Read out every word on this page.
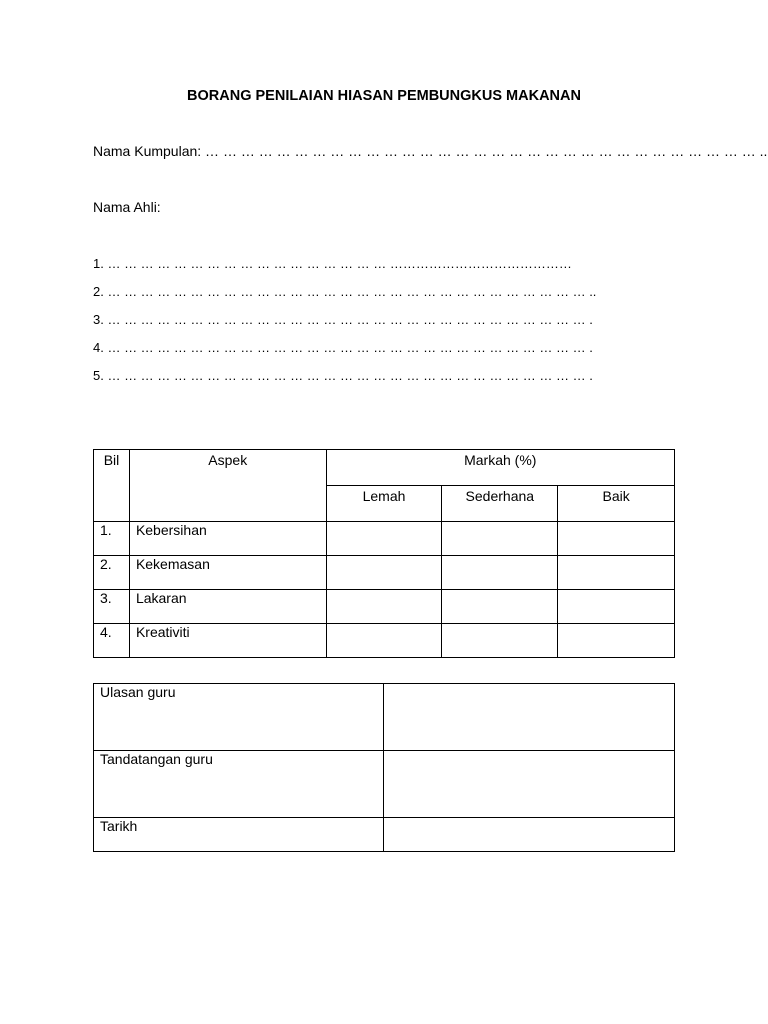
BORANG PENILAIAN HIASAN PEMBUNGKUS MAKANAN
Nama Kumpulan: … … … … … … … … … … … … … … … … … … … … … … … … … … … … … … … ..
Nama Ahli:
1. … … … … … … … … … … … … … … … … … ……………………………………
2. … … … … … … … … … … … … … … … … … … … … … … … … … … … … … ..
3. … … … … … … … … … … … … … … … … … … … … … … … … … … … … … .
4. … … … … … … … … … … … … … … … … … … … … … … … … … … … … … .
5. … … … … … … … … … … … … … … … … … … … … … … … … … … … … … .
Bil	Aspek	Markah (%)		
		Lemah	Sederhana	Baik
1.	Kebersihan			
2.	Kekemasan			
3.	Lakaran			
4.	Kreativiti			
Ulasan guru	
Tandatangan guru	
Tarikh	
